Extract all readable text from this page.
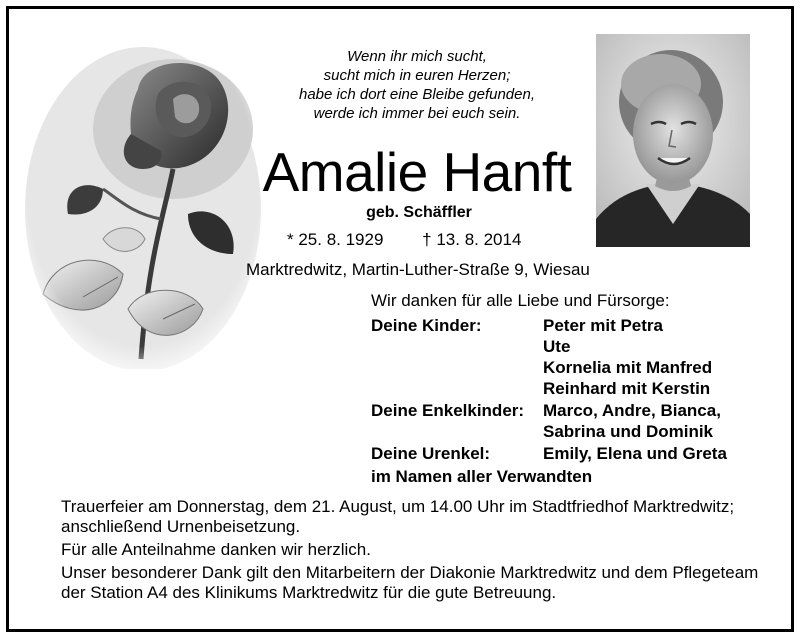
Wenn ihr mich sucht,
sucht mich in euren Herzen;
habe ich dort eine Bleibe gefunden,
werde ich immer bei euch sein.
Amalie Hanft
geb. Schäffler
* 25. 8. 1929 † 13. 8. 2014
Marktredwitz, Martin-Luther-Straße 9, Wiesau
Wir danken für alle Liebe und Fürsorge:
Deine Kinder:	Peter mit Petra
Ute
Kornelia mit Manfred
Reinhard mit Kerstin
Deine Enkelkinder:	Marco, Andre, Bianca,
Sabrina und Dominik
Deine Urenkel:	Emily, Elena und Greta
im Namen aller Verwandten

Trauerfeier am Donnerstag, dem 21. August, um 14.00 Uhr im Stadtfriedhof Marktredwitz; anschließend Urnenbeisetzung.

Für alle Anteilnahme danken wir herzlich.

Unser besonderer Dank gilt den Mitarbeitern der Diakonie Marktredwitz und dem Pflegeteam der Station A4 des Klinikums Marktredwitz für die gute Betreuung.
